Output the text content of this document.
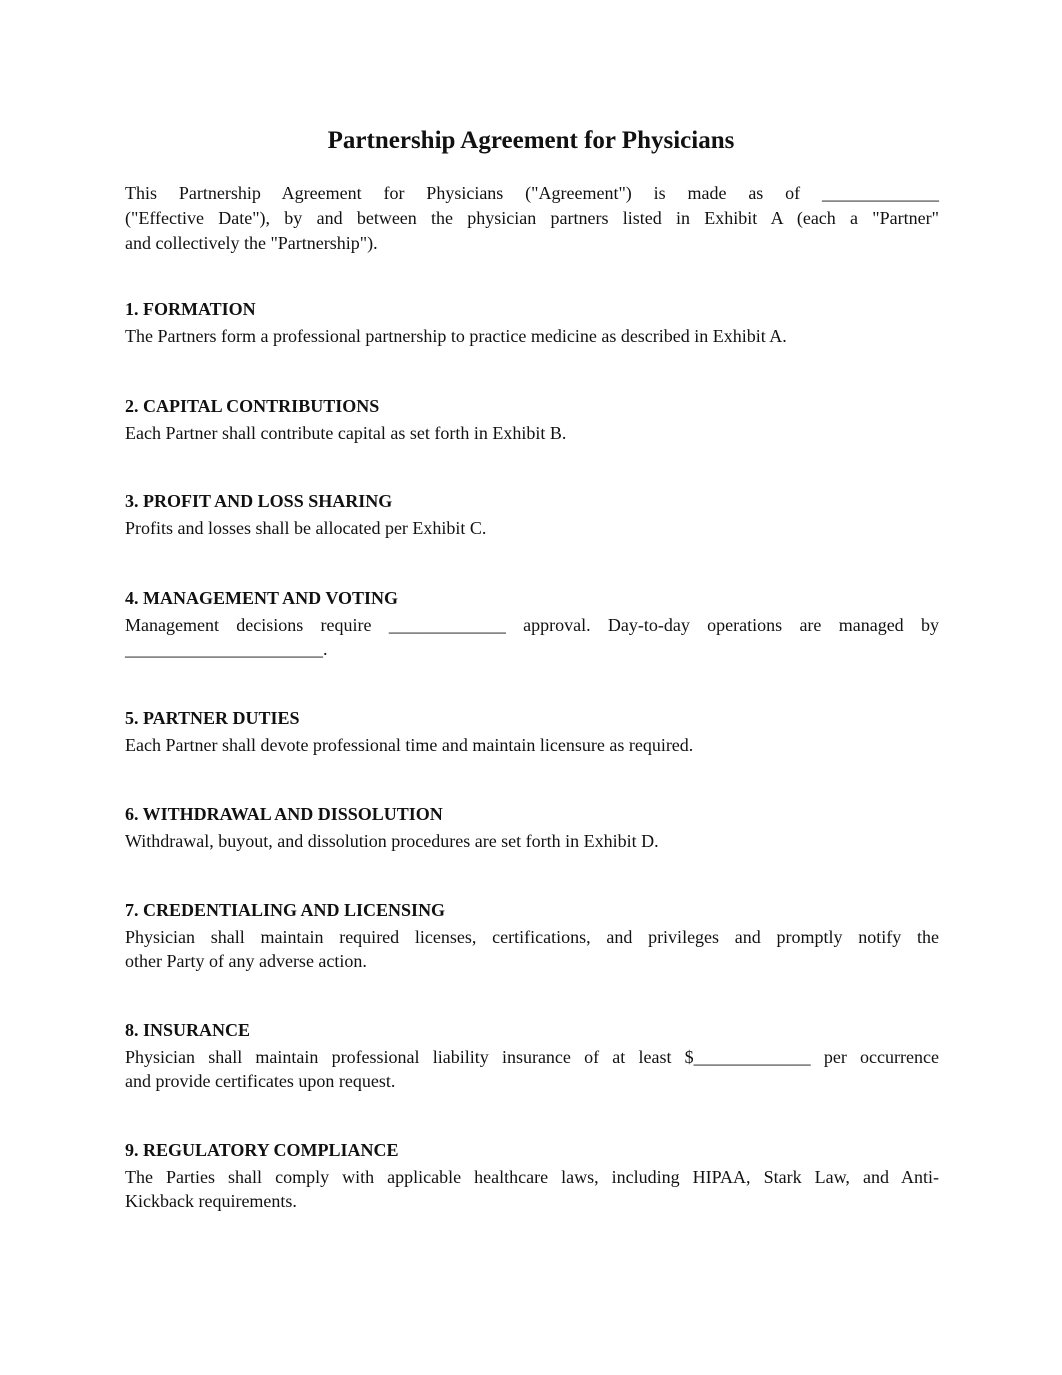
Partnership Agreement for Physicians
This Partnership Agreement for Physicians ("Agreement") is made as of _____________
("Effective Date"), by and between the physician partners listed in Exhibit A (each a "Partner"
and collectively the "Partnership").
1. FORMATION
The Partners form a professional partnership to practice medicine as described in Exhibit A.
2. CAPITAL CONTRIBUTIONS
Each Partner shall contribute capital as set forth in Exhibit B.
3. PROFIT AND LOSS SHARING
Profits and losses shall be allocated per Exhibit C.
4. MANAGEMENT AND VOTING
Management decisions require _____________ approval. Day-to-day operations are managed by
______________________.
5. PARTNER DUTIES
Each Partner shall devote professional time and maintain licensure as required.
6. WITHDRAWAL AND DISSOLUTION
Withdrawal, buyout, and dissolution procedures are set forth in Exhibit D.
7. CREDENTIALING AND LICENSING
Physician shall maintain required licenses, certifications, and privileges and promptly notify the
other Party of any adverse action.
8. INSURANCE
Physician shall maintain professional liability insurance of at least $_____________ per occurrence
and provide certificates upon request.
9. REGULATORY COMPLIANCE
The Parties shall comply with applicable healthcare laws, including HIPAA, Stark Law, and Anti-
Kickback requirements.
